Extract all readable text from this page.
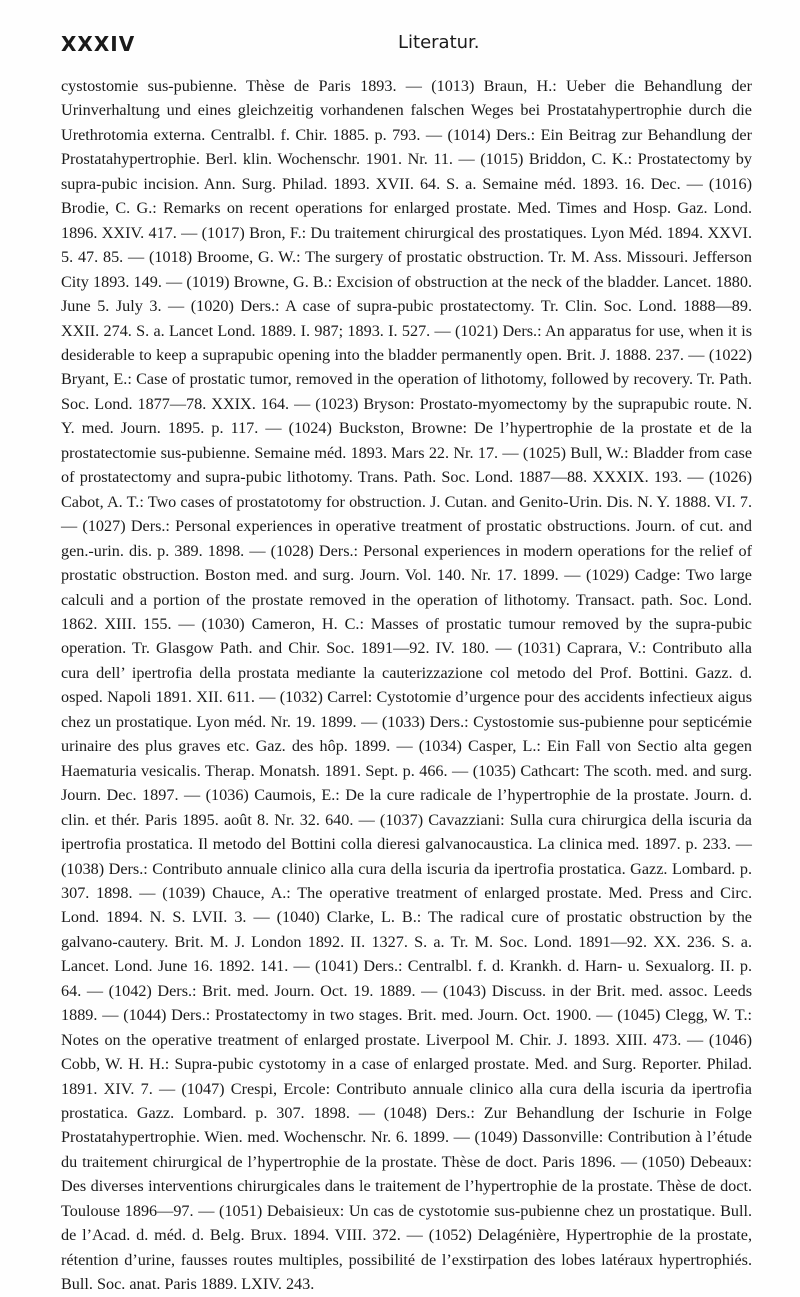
XXXIV	Literatur.

cystostomie sus-pubienne. Thèse de Paris 1893. — (1013) Braun, H.: Ueber die Behandlung der Urinverhaltung und eines gleichzeitig vorhandenen falschen Weges bei Prostatahypertrophie durch die Urethrotomia externa. Centralbl. f. Chir. 1885. p. 793. — (1014) Ders.: Ein Beitrag zur Behandlung der Prostatahypertrophie. Berl. klin. Wochenschr. 1901. Nr. 11. — (1015) Briddon, C. K.: Prostatectomy by supra-pubic incision. Ann. Surg. Philad. 1893. XVII. 64. S. a. Semaine méd. 1893. 16. Dec. — (1016) Brodie, C. G.: Remarks on recent operations for enlarged prostate. Med. Times and Hosp. Gaz. Lond. 1896. XXIV. 417. — (1017) Bron, F.: Du traitement chirurgical des prostatiques. Lyon Méd. 1894. XXVI. 5. 47. 85. — (1018) Broome, G. W.: The surgery of prostatic obstruction. Tr. M. Ass. Missouri. Jefferson City 1893. 149. — (1019) Browne, G. B.: Excision of obstruction at the neck of the bladder. Lancet. 1880. June 5. July 3. — (1020) Ders.: A case of supra-pubic prostatectomy. Tr. Clin. Soc. Lond. 1888—89. XXII. 274. S. a. Lancet Lond. 1889. I. 987; 1893. I. 527. — (1021) Ders.: An apparatus for use, when it is desiderable to keep a suprapubic opening into the bladder permanently open. Brit. J. 1888. 237. — (1022) Bryant, E.: Case of prostatic tumor, removed in the operation of lithotomy, followed by recovery. Tr. Path. Soc. Lond. 1877—78. XXIX. 164. — (1023) Bryson: Prostato-myomectomy by the suprapubic route. N. Y. med. Journ. 1895. p. 117. — (1024) Buckston, Browne: De l’hypertrophie de la prostate et de la prostatectomie sus-pubienne. Semaine méd. 1893. Mars 22. Nr. 17. — (1025) Bull, W.: Bladder from case of prostatectomy and supra-pubic lithotomy. Trans. Path. Soc. Lond. 1887—88. XXXIX. 193. — (1026) Cabot, A. T.: Two cases of prostatotomy for obstruction. J. Cutan. and Genito-Urin. Dis. N. Y. 1888. VI. 7. — (1027) Ders.: Personal experiences in operative treatment of prostatic obstructions. Journ. of cut. and gen.-urin. dis. p. 389. 1898. — (1028) Ders.: Personal experiences in modern operations for the relief of prostatic obstruction. Boston med. and surg. Journ. Vol. 140. Nr. 17. 1899. — (1029) Cadge: Two large calculi and a portion of the prostate removed in the operation of lithotomy. Transact. path. Soc. Lond. 1862. XIII. 155. — (1030) Cameron, H. C.: Masses of prostatic tumour removed by the supra-pubic operation. Tr. Glasgow Path. and Chir. Soc. 1891—92. IV. 180. — (1031) Caprara, V.: Contributo alla cura dell’ ipertrofia della prostata mediante la cauterizzazione col metodo del Prof. Bottini. Gazz. d. osped. Napoli 1891. XII. 611. — (1032) Carrel: Cystotomie d’urgence pour des accidents infectieux aigus chez un prostatique. Lyon méd. Nr. 19. 1899. — (1033) Ders.: Cystostomie sus-pubienne pour septicémie urinaire des plus graves etc. Gaz. des hôp. 1899. — (1034) Casper, L.: Ein Fall von Sectio alta gegen Haematuria vesicalis. Therap. Monatsh. 1891. Sept. p. 466. — (1035) Cathcart: The scoth. med. and surg. Journ. Dec. 1897. — (1036) Caumois, E.: De la cure radicale de l’hypertrophie de la prostate. Journ. d. clin. et thér. Paris 1895. août 8. Nr. 32. 640. — (1037) Cavazziani: Sulla cura chirurgica della iscuria da ipertrofia prostatica. Il metodo del Bottini colla dieresi galvanocaustica. La clinica med. 1897. p. 233. — (1038) Ders.: Contributo annuale clinico alla cura della iscuria da ipertrofia prostatica. Gazz. Lombard. p. 307. 1898. — (1039) Chauce, A.: The operative treatment of enlarged prostate. Med. Press and Circ. Lond. 1894. N. S. LVII. 3. — (1040) Clarke, L. B.: The radical cure of prostatic obstruction by the galvano-cautery. Brit. M. J. London 1892. II. 1327. S. a. Tr. M. Soc. Lond. 1891—92. XX. 236. S. a. Lancet. Lond. June 16. 1892. 141. — (1041) Ders.: Centralbl. f. d. Krankh. d. Harn- u. Sexualorg. II. p. 64. — (1042) Ders.: Brit. med. Journ. Oct. 19. 1889. — (1043) Discuss. in der Brit. med. assoc. Leeds 1889. — (1044) Ders.: Prostatectomy in two stages. Brit. med. Journ. Oct. 1900. — (1045) Clegg, W. T.: Notes on the operative treatment of enlarged prostate. Liverpool M. Chir. J. 1893. XIII. 473. — (1046) Cobb, W. H. H.: Supra-pubic cystotomy in a case of enlarged prostate. Med. and Surg. Reporter. Philad. 1891. XIV. 7. — (1047) Crespi, Ercole: Contributo annuale clinico alla cura della iscuria da ipertrofia prostatica. Gazz. Lombard. p. 307. 1898. — (1048) Ders.: Zur Behandlung der Ischurie in Folge Prostatahypertrophie. Wien. med. Wochenschr. Nr. 6. 1899. — (1049) Dassonville: Contribution à l’étude du traitement chirurgical de l’hypertrophie de la prostate. Thèse de doct. Paris 1896. — (1050) Debeaux: Des diverses interventions chirurgicales dans le traitement de l’hypertrophie de la prostate. Thèse de doct. Toulouse 1896—97. — (1051) Debaisieux: Un cas de cystotomie sus-pubienne chez un prostatique. Bull. de l’Acad. d. méd. d. Belg. Brux. 1894. VIII. 372. — (1052) Delagénière, Hypertrophie de la prostate, rétention d’urine, fausses routes multiples, possibilité de l’exstirpation des lobes latéraux hypertrophiés. Bull. Soc. anat. Paris 1889. LXIV. 243.
